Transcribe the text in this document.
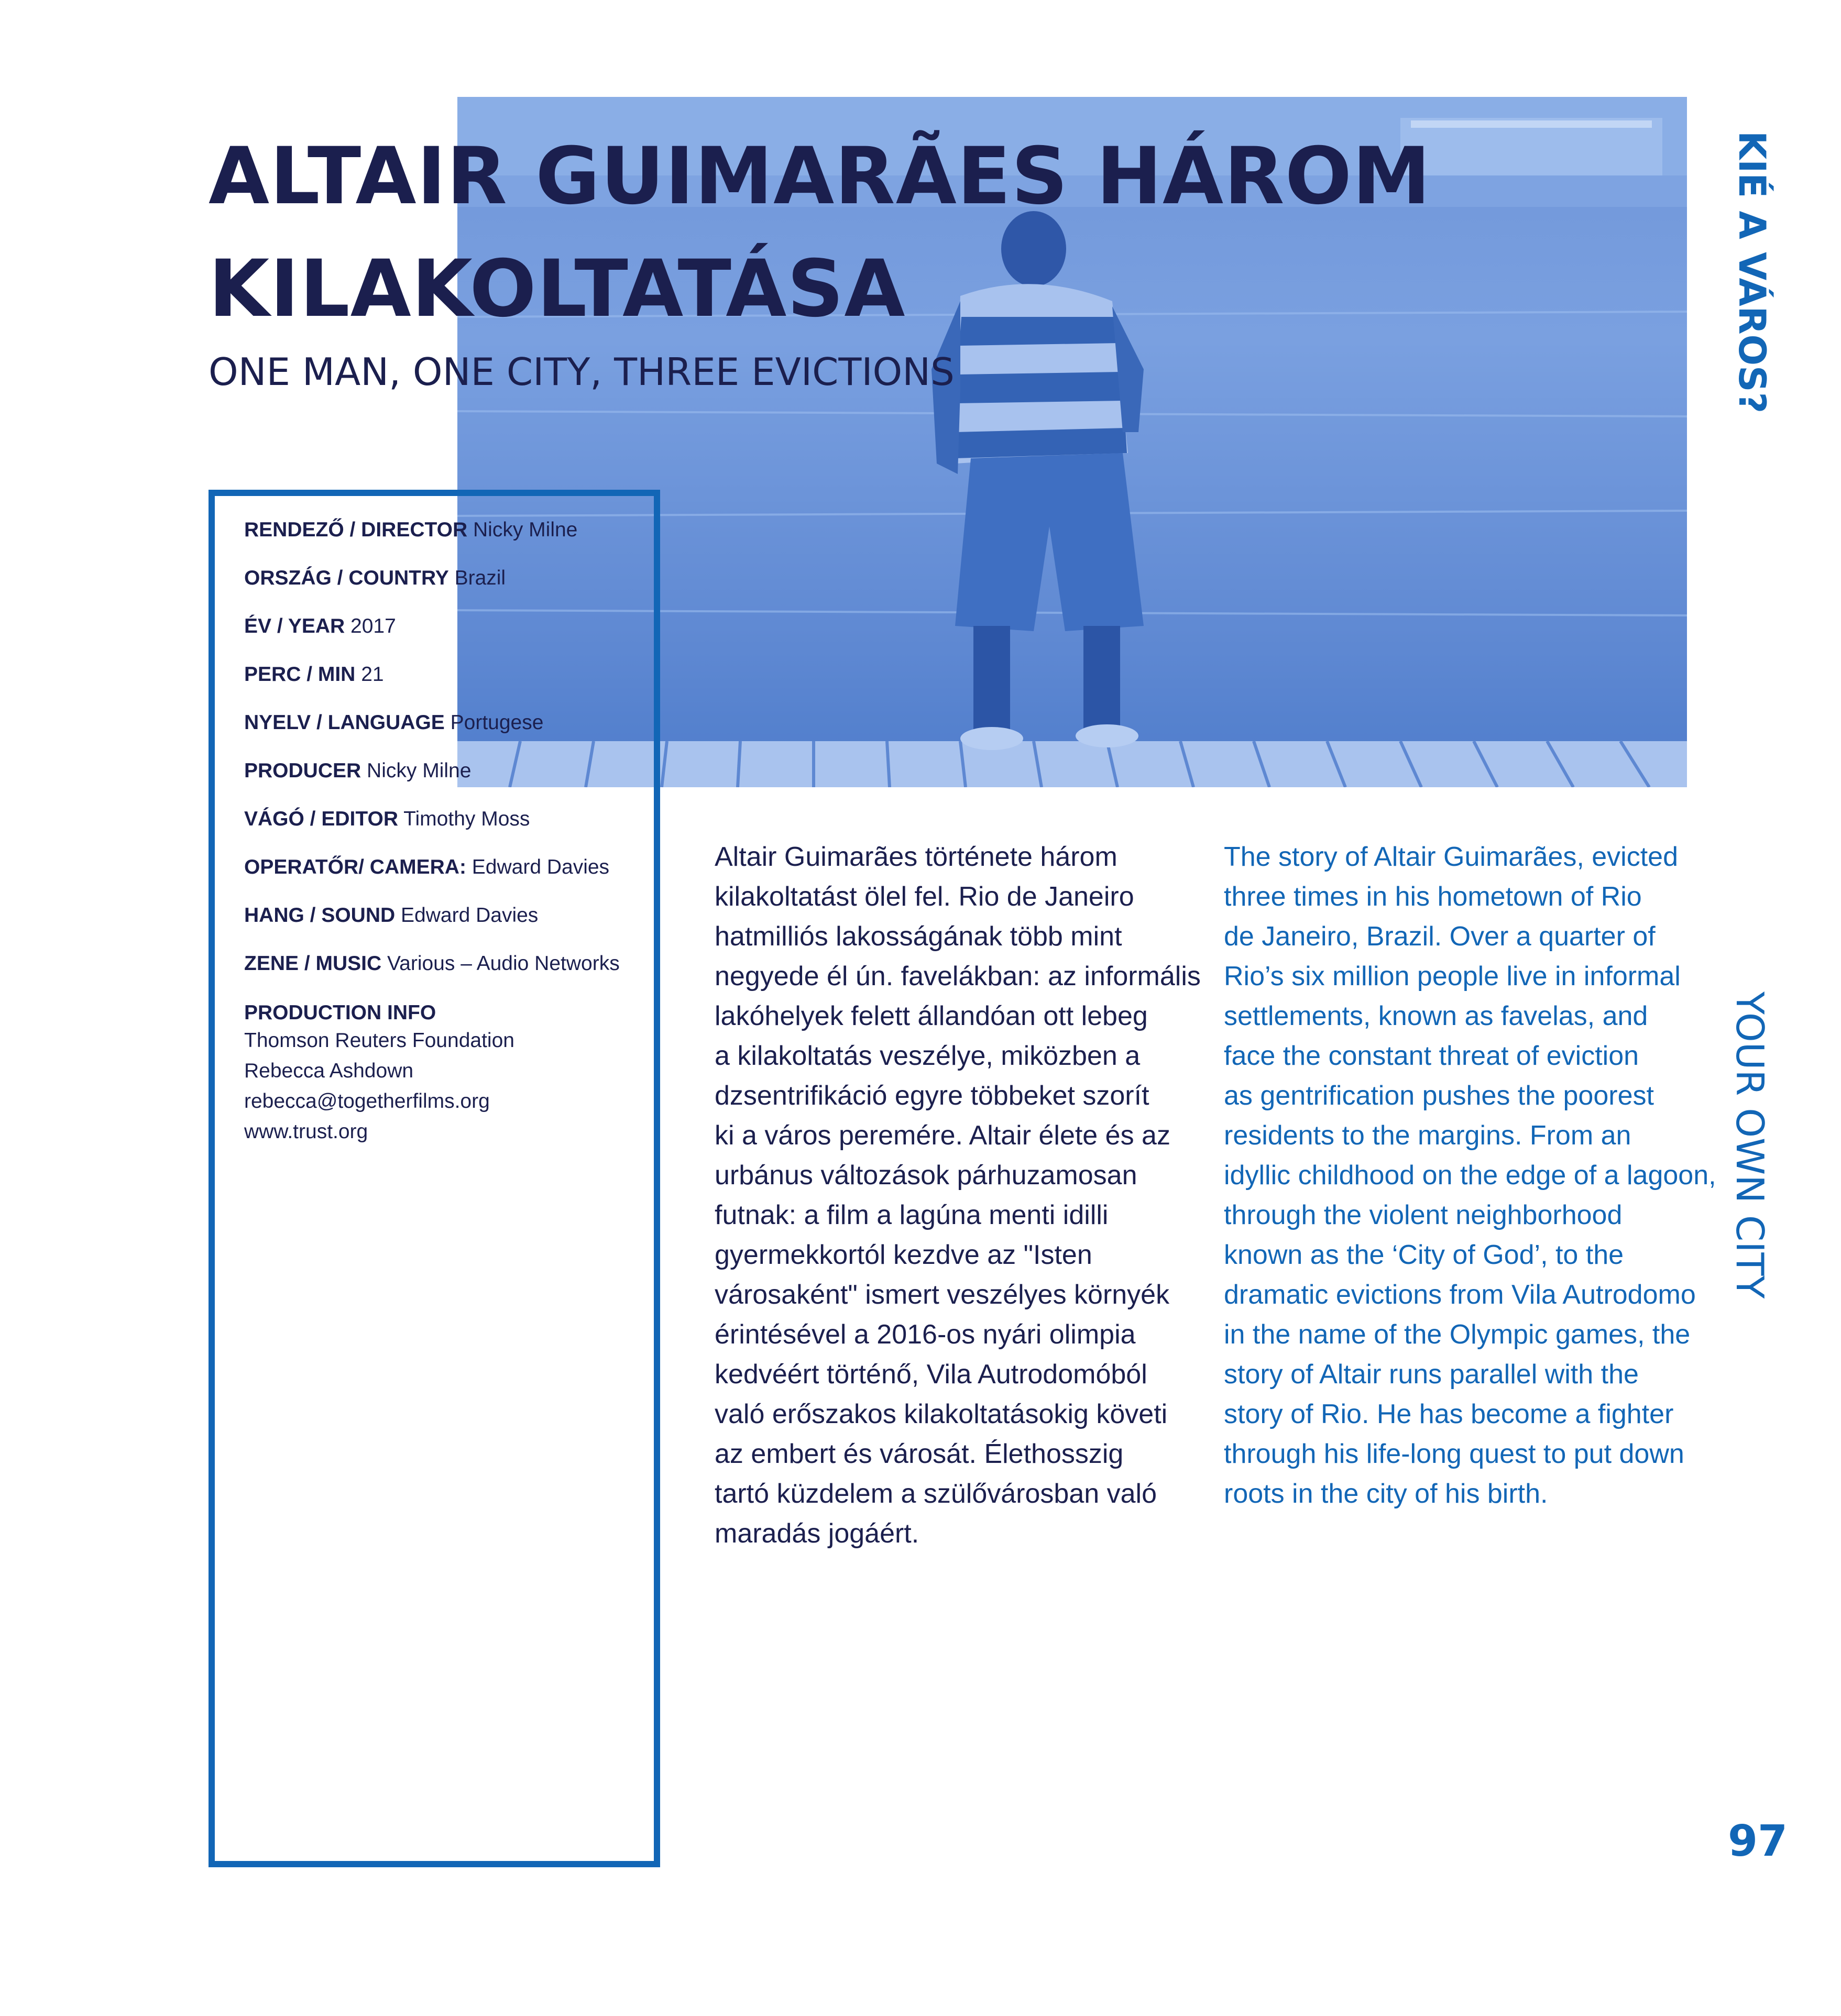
ALTAIR GUIMARÃES HÁROM
KILAKOLTATÁSA
ONE MAN, ONE CITY, THREE EVICTIONS
RENDEZŐ / DIRECTOR Nicky Milne
ORSZÁG / COUNTRY Brazil
ÉV / YEAR 2017
PERC / MIN 21
NYELV / LANGUAGE Portugese
PRODUCER Nicky Milne
VÁGÓ / EDITOR Timothy Moss
OPERATŐR/ CAMERA: Edward Davies
HANG / SOUND Edward Davies
ZENE / MUSIC Various – Audio Networks
PRODUCTION INFO
Thomson Reuters Foundation
Rebecca Ashdown
rebecca@togetherfilms.org
www.trust.org
Altair Guimarães története három
kilakoltatást ölel fel. Rio de Janeiro
hatmilliós lakosságának több mint
negyede él ún. favelákban: az informális
lakóhelyek felett állandóan ott lebeg
a kilakoltatás veszélye, miközben a
dzsentrifikáció egyre többeket szorít
ki a város peremére. Altair élete és az
urbánus változások párhuzamosan
futnak: a film a lagúna menti idilli
gyermekkortól kezdve az "Isten
városaként" ismert veszélyes környék
érintésével a 2016-os nyári olimpia
kedvéért történő, Vila Autrodomóból
való erőszakos kilakoltatásokig követi
az embert és városát. Élethosszig
tartó küzdelem a szülővárosban való
maradás jogáért.
The story of Altair Guimarães, evicted
three times in his hometown of Rio
de Janeiro, Brazil. Over a quarter of
Rio’s six million people live in informal
settlements, known as favelas, and
face the constant threat of eviction
as gentrification pushes the poorest
residents to the margins. From an
idyllic childhood on the edge of a lagoon,
through the violent neighborhood
known as the ‘City of God’, to the
dramatic evictions from Vila Autrodomo
in the name of the Olympic games, the
story of Altair runs parallel with the
story of Rio. He has become a fighter
through his life-long quest to put down
roots in the city of his birth.
KIÉ A VÁROS?
YOUR OWN CITY
97
